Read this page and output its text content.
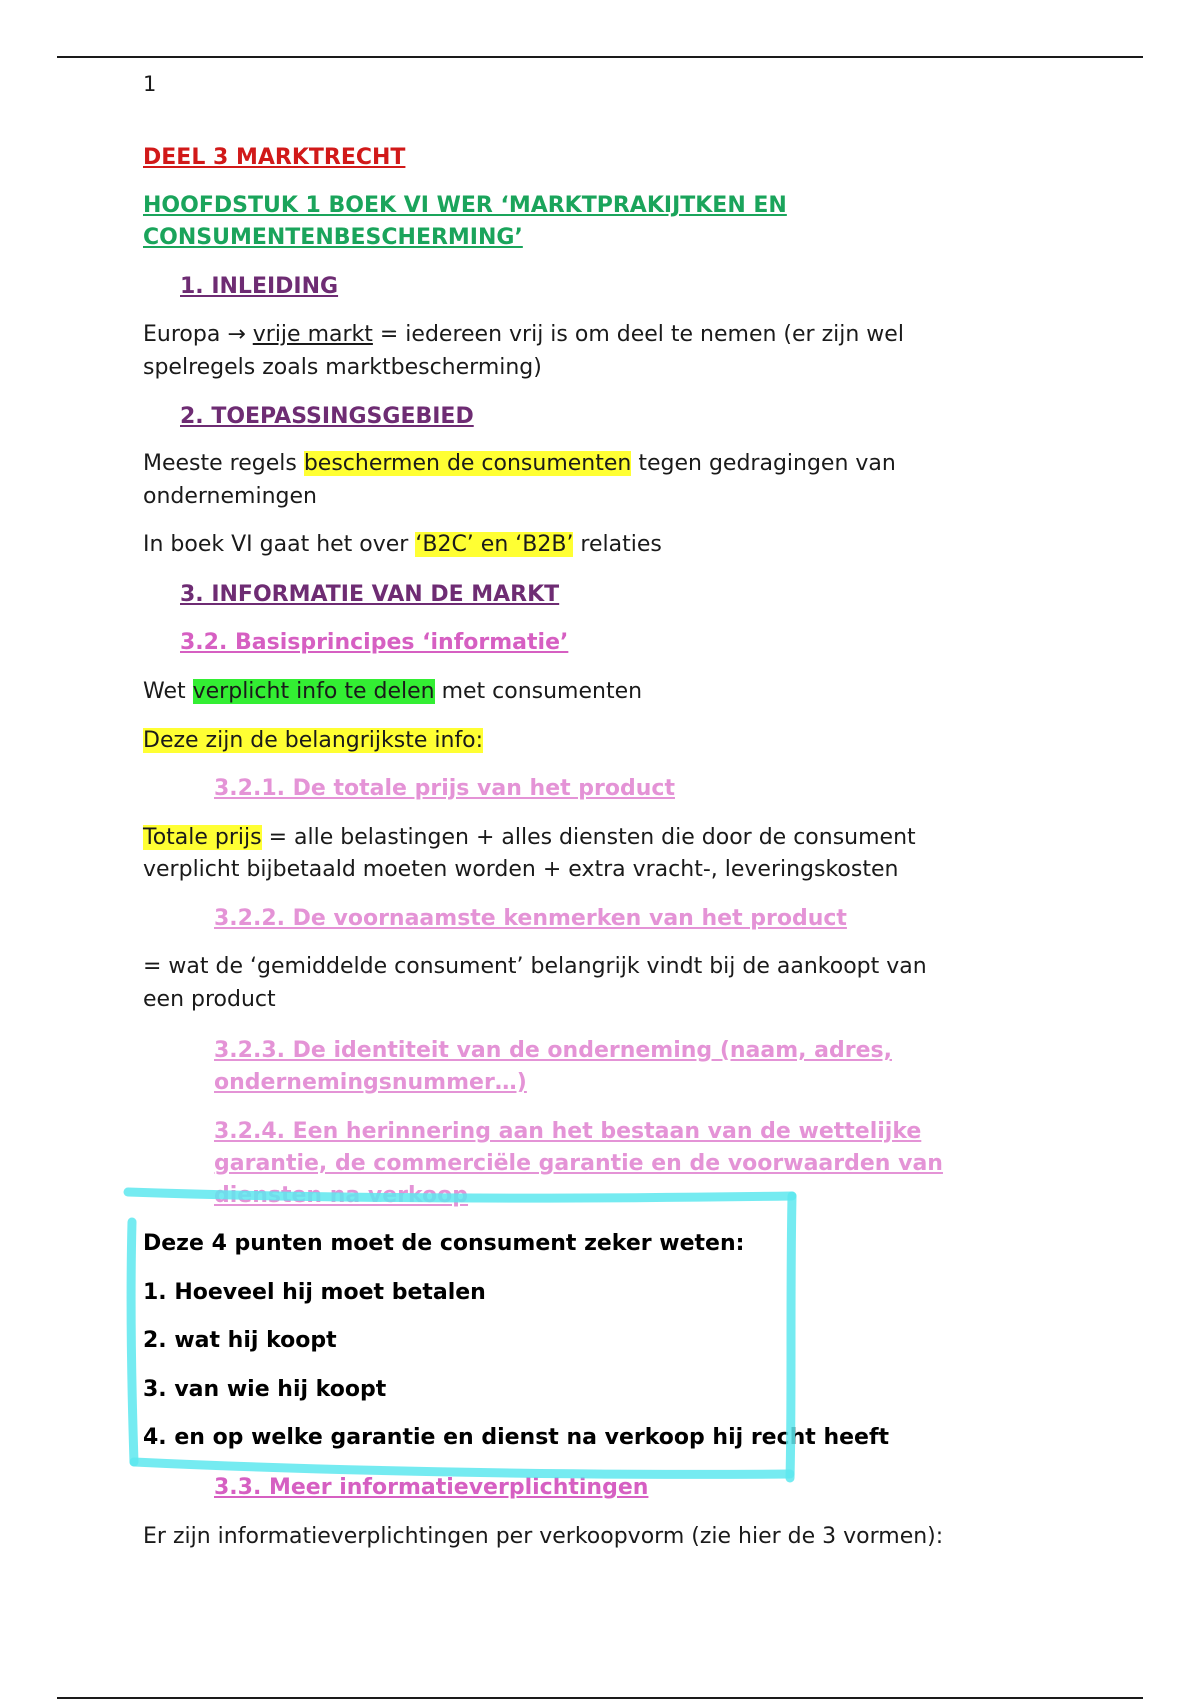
1
DEEL 3 MARKTRECHT
HOOFDSTUK 1 BOEK VI WER ‘MARKTPRAKIJTKEN EN
CONSUMENTENBESCHERMING’
1. INLEIDING
Europa → vrije markt = iedereen vrij is om deel te nemen (er zijn wel
spelregels zoals marktbescherming)
2. TOEPASSINGSGEBIED
Meeste regels beschermen de consumenten tegen gedragingen van
ondernemingen
In boek VI gaat het over ‘B2C’ en ‘B2B’ relaties
3. INFORMATIE VAN DE MARKT
3.2. Basisprincipes ‘informatie’
Wet verplicht info te delen met consumenten
Deze zijn de belangrijkste info:
3.2.1. De totale prijs van het product
Totale prijs = alle belastingen + alles diensten die door de consument
verplicht bijbetaald moeten worden + extra vracht-, leveringskosten
3.2.2. De voornaamste kenmerken van het product
= wat de ‘gemiddelde consument’ belangrijk vindt bij de aankoopt van
een product
3.2.3. De identiteit van de onderneming (naam, adres,
ondernemingsnummer…)
3.2.4. Een herinnering aan het bestaan van de wettelijke
garantie, de commerciële garantie en de voorwaarden van
diensten na verkoop
Deze 4 punten moet de consument zeker weten:
1. Hoeveel hij moet betalen
2. wat hij koopt
3. van wie hij koopt
4. en op welke garantie en dienst na verkoop hij recht heeft
3.3. Meer informatieverplichtingen
Er zijn informatieverplichtingen per verkoopvorm (zie hier de 3 vormen):
